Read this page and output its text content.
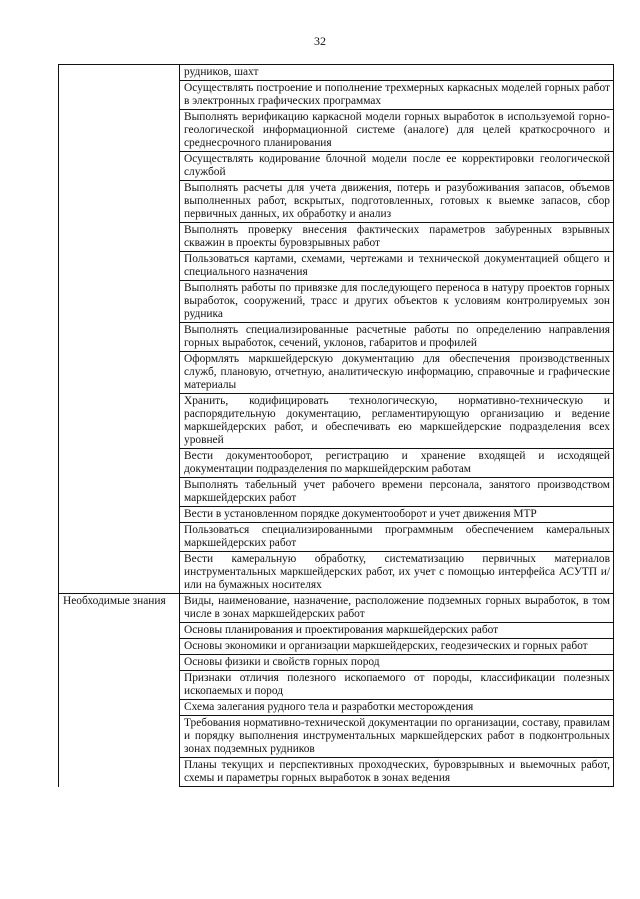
32
	рудников, шахт
	Осуществлять построение и пополнение трехмерных каркасных моделей горных работ в электронных графических программах
	Выполнять верификацию каркасной модели горных выработок в используемой горно-геологической информационной системе (аналоге) для целей краткосрочного и среднесрочного планирования
	Осуществлять кодирование блочной модели после ее корректировки геологической службой
	Выполнять расчеты для учета движения, потерь и разубоживания запасов, объемов выполненных работ, вскрытых, подготовленных, готовых к выемке запасов, сбор первичных данных, их обработку и анализ
	Выполнять проверку внесения фактических параметров забуренных взрывных скважин в проекты буровзрывных работ
	Пользоваться картами, схемами, чертежами и технической документацией общего и специального назначения
	Выполнять работы по привязке для последующего переноса в натуру проектов горных выработок, сооружений, трасс и других объектов к условиям контролируемых зон рудника
	Выполнять специализированные расчетные работы по определению направления горных выработок, сечений, уклонов, габаритов и профилей
	Оформлять маркшейдерскую документацию для обеспечения производственных служб, плановую, отчетную, аналитическую информацию, справочные и графические материалы
	Хранить, кодифицировать технологическую, нормативно-техническую и распорядительную документацию, регламентирующую организацию и ведение маркшейдерских работ, и обеспечивать ею маркшейдерские подразделения всех уровней
	Вести документооборот, регистрацию и хранение входящей и исходящей документации подразделения по маркшейдерским работам
	Выполнять табельный учет рабочего времени персонала, занятого производством маркшейдерских работ
	Вести в установленном порядке документооборот и учет движения МТР
	Пользоваться специализированными программным обеспечением камеральных маркшейдерских работ
	Вести камеральную обработку, систематизацию первичных материалов инструментальных маркшейдерских работ, их учет с помощью интерфейса АСУТП и/или на бумажных носителях
Необходимые знания	Виды, наименование, назначение, расположение подземных горных выработок, в том числе в зонах маркшейдерских работ
	Основы планирования и проектирования маркшейдерских работ
	Основы экономики и организации маркшейдерских, геодезических и горных работ
	Основы физики и свойств горных пород
	Признаки отличия полезного ископаемого от породы, классификации полезных ископаемых и пород
	Схема залегания рудного тела и разработки месторождения
	Требования нормативно-технической документации по организации, составу, правилам и порядку выполнения инструментальных маркшейдерских работ в подконтрольных зонах подземных рудников
	Планы текущих и перспективных проходческих, буровзрывных и выемочных работ, схемы и параметры горных выработок в зонах ведения
